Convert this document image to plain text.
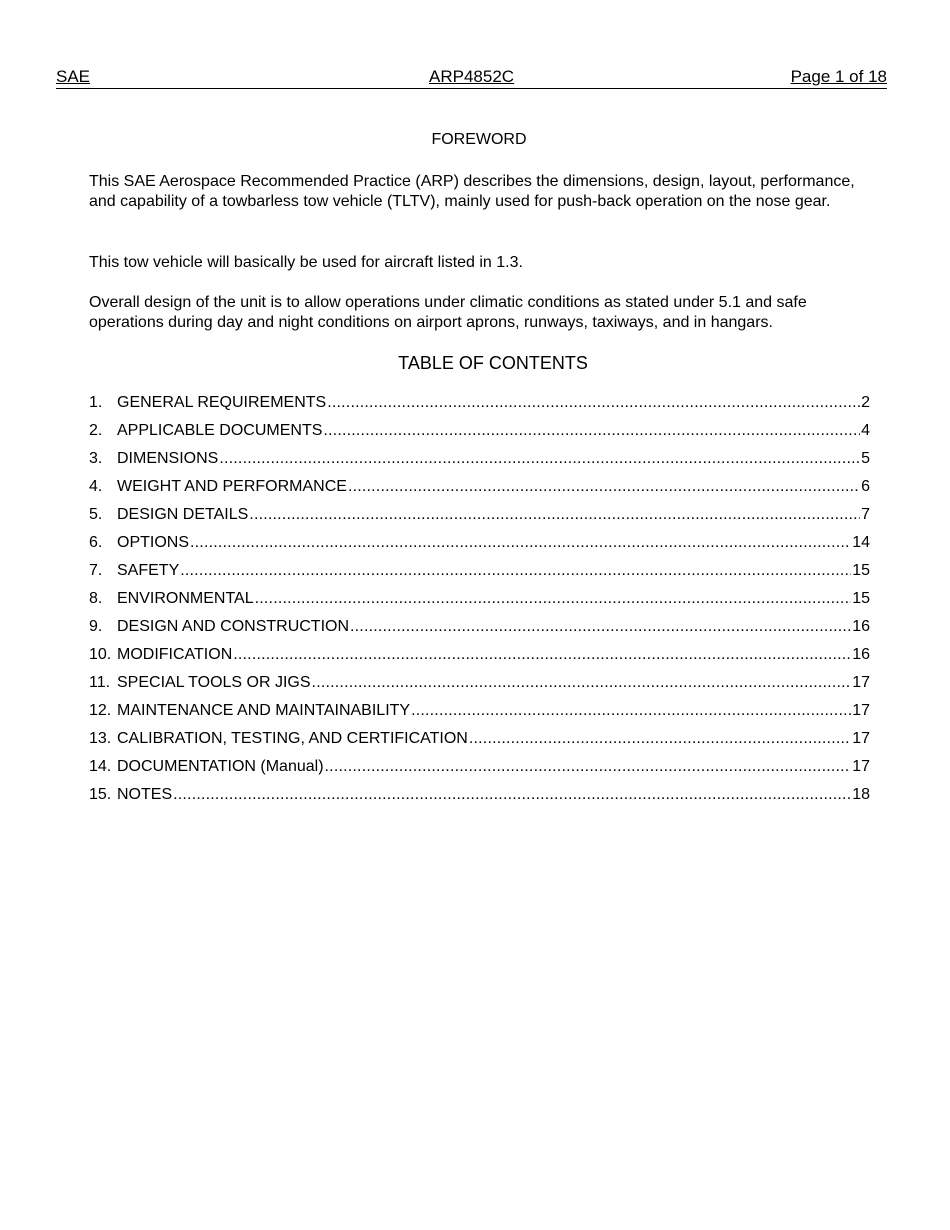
SAE	ARP4852C	Page 1 of 18
FOREWORD
This SAE Aerospace Recommended Practice (ARP) describes the dimensions, design, layout, performance, and capability of a towbarless tow vehicle (TLTV), mainly used for push-back operation on the nose gear.
This tow vehicle will basically be used for aircraft listed in 1.3.
Overall design of the unit is to allow operations under climatic conditions as stated under 5.1 and safe operations during day and night conditions on airport aprons, runways, taxiways, and in hangars.
TABLE OF CONTENTS
1. GENERAL REQUIREMENTS .....	2
2. APPLICABLE DOCUMENTS .....	4
3. DIMENSIONS .....	5
4. WEIGHT AND PERFORMANCE .....	6
5. DESIGN DETAILS .....	7
6. OPTIONS .....	14
7. SAFETY .....	15
8. ENVIRONMENTAL .....	15
9. DESIGN AND CONSTRUCTION .....	16
10. MODIFICATION .....	16
11. SPECIAL TOOLS OR JIGS .....	17
12. MAINTENANCE AND MAINTAINABILITY .....	17
13. CALIBRATION, TESTING, AND CERTIFICATION .....	17
14. DOCUMENTATION (Manual) .....	17
15. NOTES .....	18
